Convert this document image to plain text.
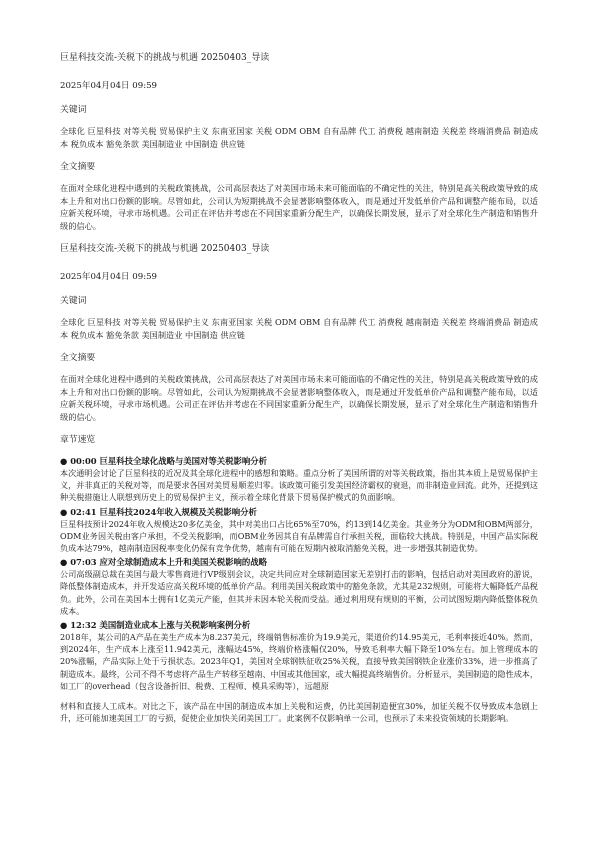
巨星科技交流-关税下的挑战与机遇 20250403_导读

2025年04月04日 09:59

关键词

全球化 巨星科技 对等关税 贸易保护主义 东南亚国家 关税 ODM OBM 自有品牌 代工 消费税 越南制造 关税差 终端消费品 制造成本 税负成本 豁免条款 美国制造业 中国制造 供应链

全文摘要

在面对全球化进程中遇到的关税政策挑战，公司高层表达了对美国市场未来可能面临的不确定性的关注，特别是高关税政策导致的成本上升和对出口份额的影响。尽管如此，公司认为短期挑战不会显著影响整体收入，而是通过开发低单价产品和调整产能布局，以适应新关税环境，寻求市场机遇。公司正在评估并考虑在不同国家重新分配生产，以确保长期发展，显示了对全球化生产制造和销售升级的信心。

巨星科技交流-关税下的挑战与机遇 20250403_导读

2025年04月04日 09:59

关键词

全球化 巨星科技 对等关税 贸易保护主义 东南亚国家 关税 ODM OBM 自有品牌 代工 消费税 越南制造 关税差 终端消费品 制造成本 税负成本 豁免条款 美国制造业 中国制造 供应链

全文摘要

在面对全球化进程中遇到的关税政策挑战，公司高层表达了对美国市场未来可能面临的不确定性的关注，特别是高关税政策导致的成本上升和对出口份额的影响。尽管如此，公司认为短期挑战不会显著影响整体收入，而是通过开发低单价产品和调整产能布局，以适应新关税环境，寻求市场机遇。公司正在评估并考虑在不同国家重新分配生产，以确保长期发展，显示了对全球化生产制造和销售升级的信心。

章节速览

● 00:00 巨星科技全球化战略与美国对等关税影响分析

本次通明会讨论了巨星科技的近况及其全球化进程中的感想和策略。重点分析了美国所谓的对等关税政策，指出其本质上是贸易保护主义，并非真正的关税对等，而是要求各国对美贸易顺差归零。该政策可能引发美国经济霸权的衰退，而非制造业回流。此外，还提到这种关税措施让人联想到历史上的贸易保护主义，预示着全球化背景下贸易保护模式的负面影响。

● 02:41 巨星科技2024年收入规模及关税影响分析

巨星科技预计2024年收入规模达20多亿美金，其中对美出口占比65%至70%，约13到14亿美金。其业务分为ODM和OBM两部分，ODM业务因关税由客户承担，不受关税影响，而OBM业务因其自有品牌需自行承担关税，面临较大挑战。特别是，中国产品实际税负成本达79%，越南制造因税率变化仍保有竞争优势，越南有可能在短期内被取消豁免关税，进一步增强其制造优势。

● 07:03 应对全球制造成本上升和美国关税影响的战略

公司高级副总裁在美国与最大零售商进行VP级别会议，决定共同应对全球制造国家无差别打击的影响，包括启动对美国政府的游说，降低整体制造成本，并开发适应高关税环境的低单价产品。利用美国关税政策中的豁免条款，尤其是232规则，可能将大幅降低产品税负。此外，公司在美国本土拥有1亿美元产能，但其并未因本轮关税而受益。通过利用现有规则的平衡，公司试图短期内降低整体税负成本。

● 12:32 美国制造业成本上涨与关税影响案例分析

2018年，某公司的A产品在美生产成本为8.237美元，终端销售标准价为19.9美元，渠道价约14.95美元，毛利率接近40%。然而，到2024年，生产成本上涨至11.942美元，涨幅达45%，终端价格涨幅仅20%，导致毛利率大幅下降至10%左右。加上管理成本的20%涨幅，产品实际上处于亏损状态。2023年Q1，美国对全球钢铁征收25%关税，直接导致美国钢铁企业涨价33%，进一步推高了制造成本。最终，公司不得不考虑将产品生产转移至越南、中国或其他国家，或大幅提高终端售价。分析显示，美国制造的隐性成本，如工厂的overhead（包含设备折旧、税费、工程师、模具采购等），远超原

材料和直接人工成本。对比之下，该产品在中国的制造成本加上关税和运费，仍比美国制造便宜30%，加征关税不仅导致成本急剧上升，还可能加速美国工厂的亏损，促使企业加快关闭美国工厂。此案例不仅影响单一公司，也预示了未来投资领域的长期影响。
